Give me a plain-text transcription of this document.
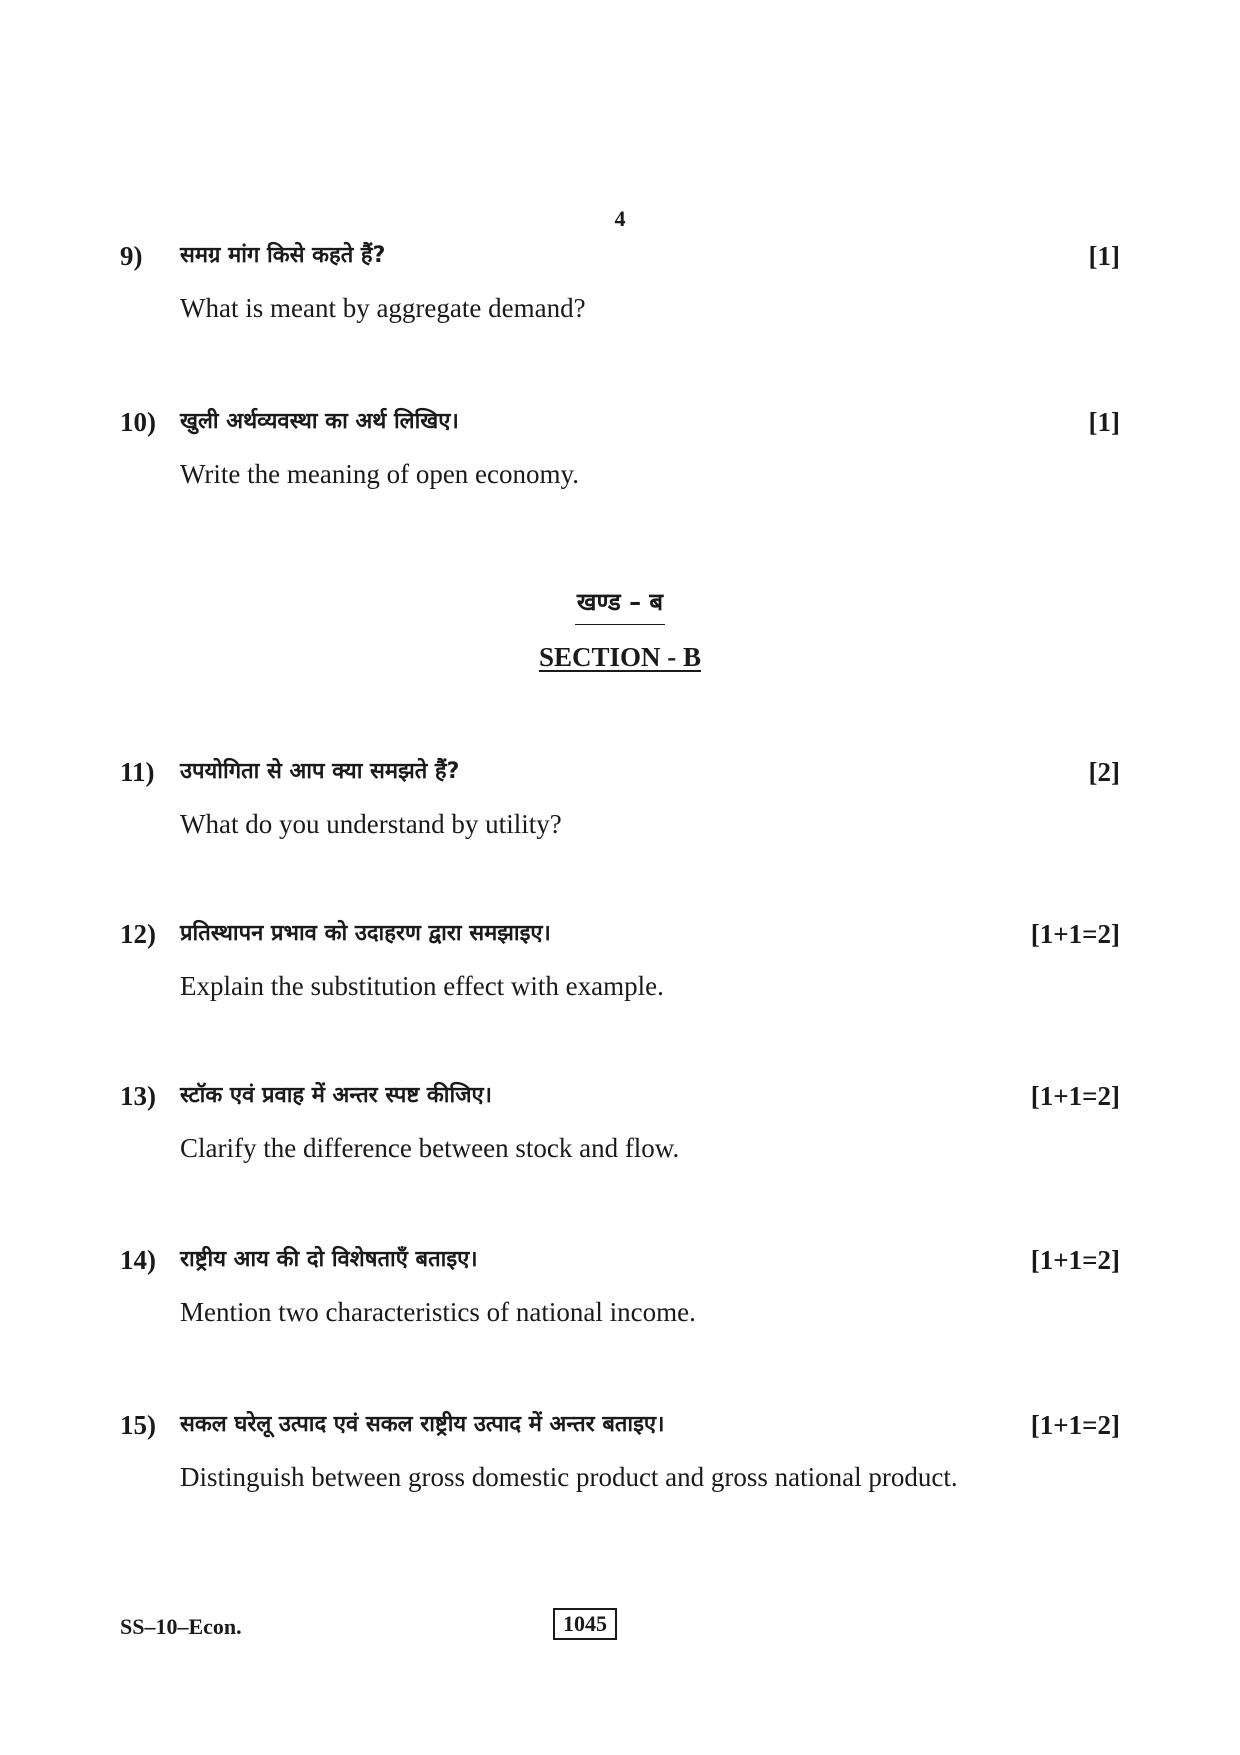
4
9) समग्र मांग किसे कहते हैं?	[1]
What is meant by aggregate demand?
10) खुली अर्थव्यवस्था का अर्थ लिखिए।	[1]
Write the meaning of open economy.
खण्ड – ब
SECTION - B
11) उपयोगिता से आप क्या समझते हैं?	[2]
What do you understand by utility?
12) प्रतिस्थापन प्रभाव को उदाहरण द्वारा समझाइए।	[1+1=2]
Explain the substitution effect with example.
13) स्टॉक एवं प्रवाह में अन्तर स्पष्ट कीजिए।	[1+1=2]
Clarify the difference between stock and flow.
14) राष्ट्रीय आय की दो विशेषताएँ बताइए।	[1+1=2]
Mention two characteristics of national income.
15) सकल घरेलू उत्पाद एवं सकल राष्ट्रीय उत्पाद में अन्तर बताइए।	[1+1=2]
Distinguish between gross domestic product and gross national product.
SS–10–Econ.	1045
